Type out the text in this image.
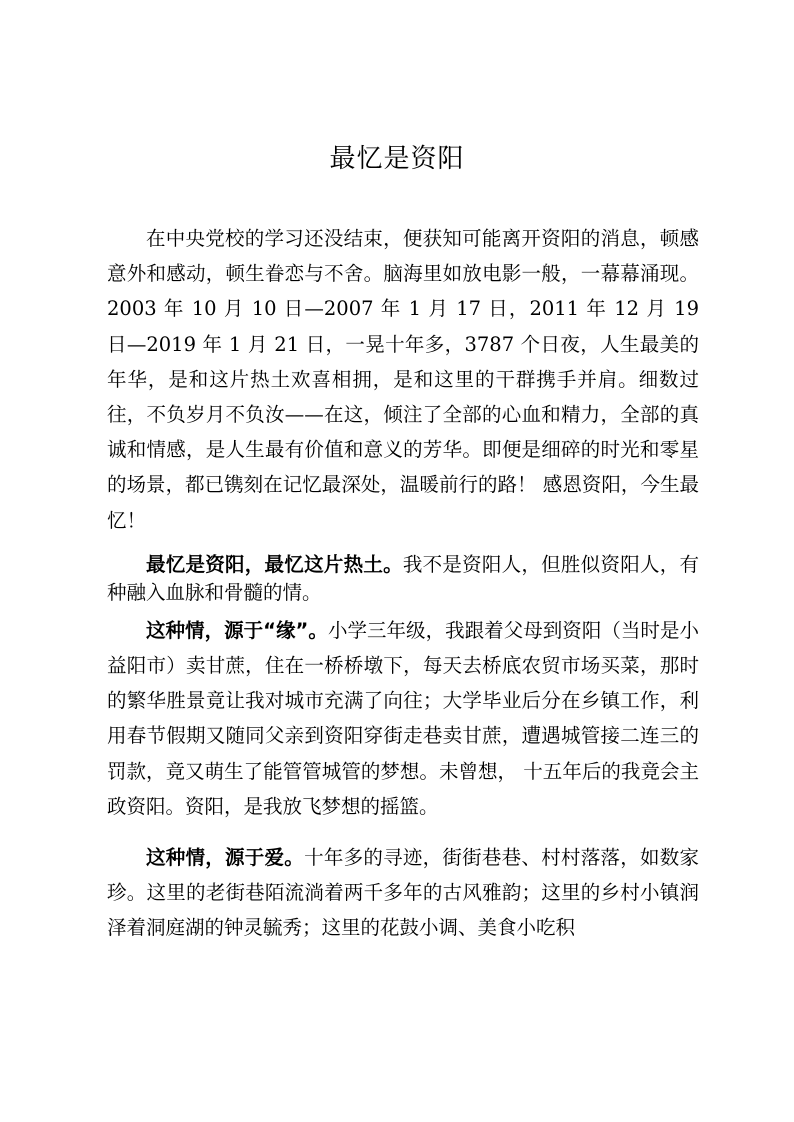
最忆是资阳

在中央党校的学习还没结束，便获知可能离开资阳的消息，顿感意外和感动，顿生眷恋与不舍。脑海里如放电影一般，一幕幕涌现。2003 年 10 月 10 日—2007 年 1 月 17 日，2011 年 12 月 19 日—2019 年 1 月 21 日，一晃十年多，3787 个日夜，人生最美的年华，是和这片热土欢喜相拥，是和这里的干群携手并肩。细数过往，不负岁月不负汝——在这，倾注了全部的心血和精力，全部的真诚和情感，是人生最有价值和意义的芳华。即便是细碎的时光和零星的场景，都已镌刻在记忆最深处，温暖前行的路！ 感恩资阳，今生最忆！

最忆是资阳，最忆这片热土。我不是资阳人，但胜似资阳人，有种融入血脉和骨髓的情。

这种情，源于“缘”。小学三年级，我跟着父母到资阳（当时是小益阳市）卖甘蔗，住在一桥桥墩下，每天去桥底农贸市场买菜，那时的繁华胜景竟让我对城市充满了向往；大学毕业后分在乡镇工作，利用春节假期又随同父亲到资阳穿街走巷卖甘蔗，遭遇城管接二连三的罚款，竟又萌生了能管管城管的梦想。未曾想， 十五年后的我竟会主政资阳。资阳，是我放飞梦想的摇篮。

这种情，源于爱。十年多的寻迹，街街巷巷、村村落落，如数家珍。这里的老街巷陌流淌着两千多年的古风雅韵；这里的乡村小镇润泽着洞庭湖的钟灵毓秀；这里的花鼓小调、美食小吃积
